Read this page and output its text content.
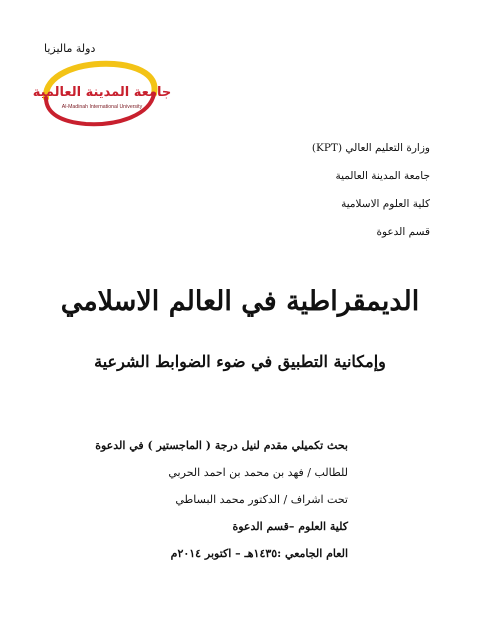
دولة ماليزيا
جامعة المدينة العالمية
Al-Madinah International University
وزارة التعليم العالي (KPT)
جامعة المدينة العالمية
كلية العلوم الاسلامية
قسم الدعوة
الديمقراطية في العالم الاسلامي
وإمكانية التطبيق في ضوء الضوابط الشرعية
بحث تكميلي مقدم لنيل درجة ( الماجستير ) في الدعوة
للطالب / فهد بن محمد بن احمد الحربي
تحت اشراف / الدكتور محمد البساطي
كلية العلوم –قسم الدعوة
العام الجامعي :١٤٣٥هـ – اكتوبر ٢٠١٤م
